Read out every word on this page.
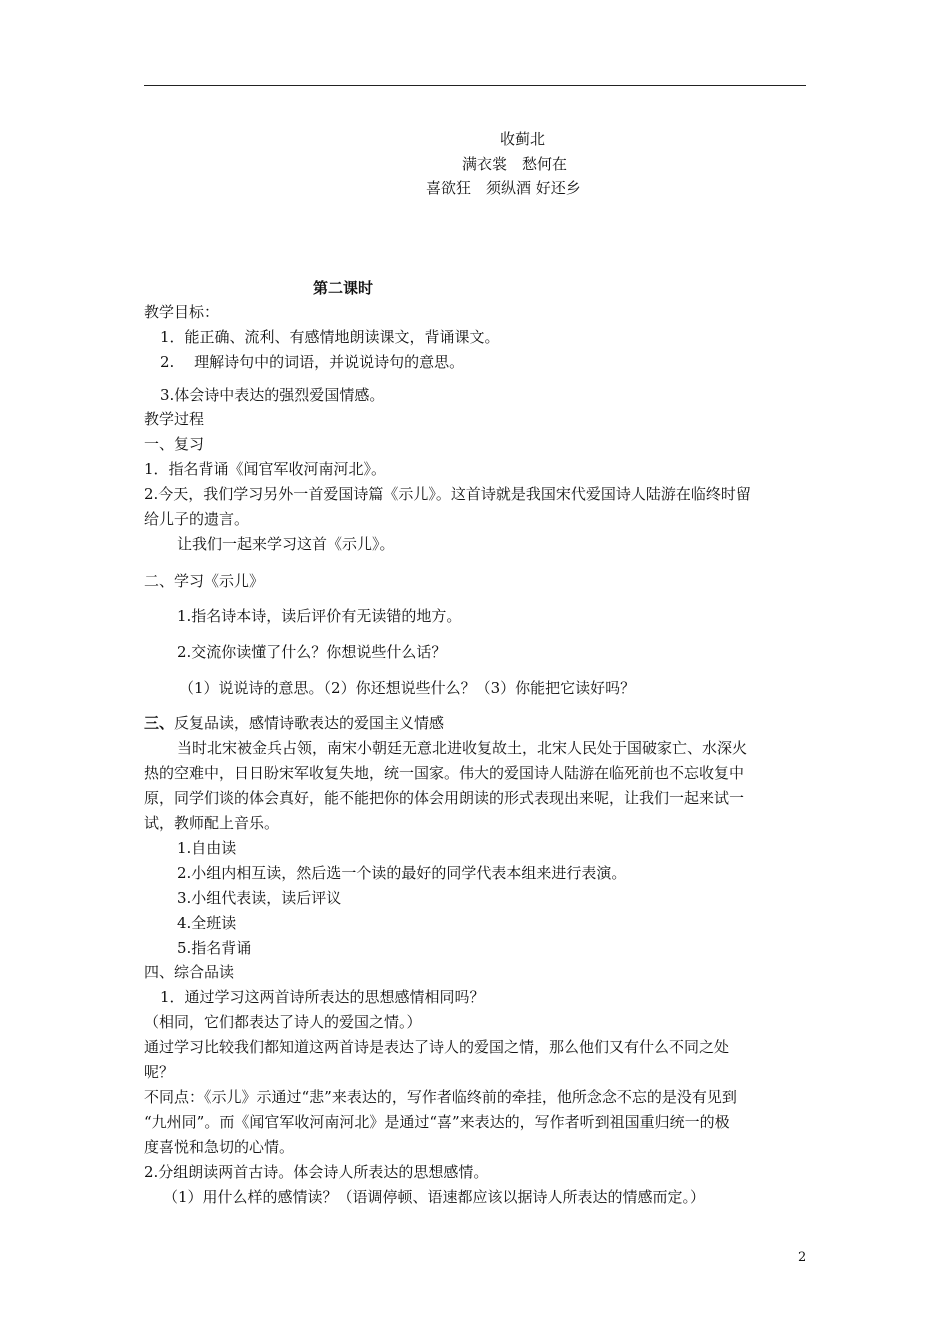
收蓟北
满衣裳　愁何在
喜欲狂　须纵酒 好还乡
第二课时
教学目标：
1．能正确、流利、有感情地朗读课文，背诵课文。
2.　 理解诗句中的词语，并说说诗句的意思。
3.体会诗中表达的强烈爱国情感。
教学过程
一、复习
1．指名背诵《闻官军收河南河北》。
2.今天，我们学习另外一首爱国诗篇《示儿》。这首诗就是我国宋代爱国诗人陆游在临终时留
给儿子的遗言。
让我们一起来学习这首《示儿》。
二、学习《示儿》
1.指名诗本诗，读后评价有无读错的地方。
2.交流你读懂了什么？你想说些什么话？
（1）说说诗的意思。（2）你还想说些什么？（3）你能把它读好吗？
三、反复品读，感情诗歌表达的爱国主义情感
当时北宋被金兵占领，南宋小朝廷无意北进收复故土，北宋人民处于国破家亡、水深火
热的空难中，日日盼宋军收复失地，统一国家。伟大的爱国诗人陆游在临死前也不忘收复中
原，同学们谈的体会真好，能不能把你的体会用朗读的形式表现出来呢，让我们一起来试一
试，教师配上音乐。
1.自由读
2.小组内相互读，然后选一个读的最好的同学代表本组来进行表演。
3.小组代表读，读后评议
4.全班读
5.指名背诵
四、综合品读
1．通过学习这两首诗所表达的思想感情相同吗？
（相同，它们都表达了诗人的爱国之情。）
通过学习比较我们都知道这两首诗是表达了诗人的爱国之情，那么他们又有什么不同之处
呢？
不同点：《示儿》示通过“悲”来表达的，写作者临终前的牵挂，他所念念不忘的是没有见到
“九州同”。而《闻官军收河南河北》是通过“喜”来表达的，写作者听到祖国重归统一的极
度喜悦和急切的心情。
2.分组朗读两首古诗。体会诗人所表达的思想感情。
（1）用什么样的感情读？（语调停顿、语速都应该以据诗人所表达的情感而定。）
2
